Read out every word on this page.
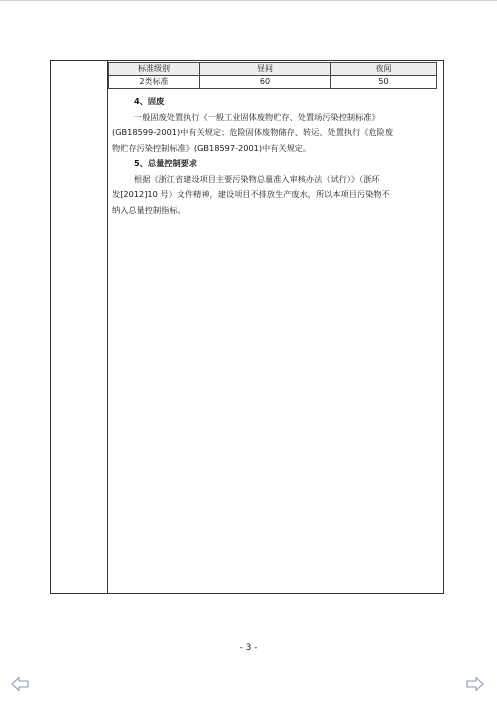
标准级别	昼间	夜间
2类标准	60	50

4、固废

一般固废处置执行《一般工业固体废物贮存、处置场污染控制标准》

(GB18599-2001)中有关规定；危险固体废物储存、转运、处置执行《危险废

物贮存污染控制标准》(GB18597-2001)中有关规定。

5、总量控制要求

根据《浙江省建设项目主要污染物总量准入审核办法（试行）》（浙环

发[2012]10 号）文件精神，建设项目不排放生产废水，所以本项目污染物不

纳入总量控制指标。

- 3 -
